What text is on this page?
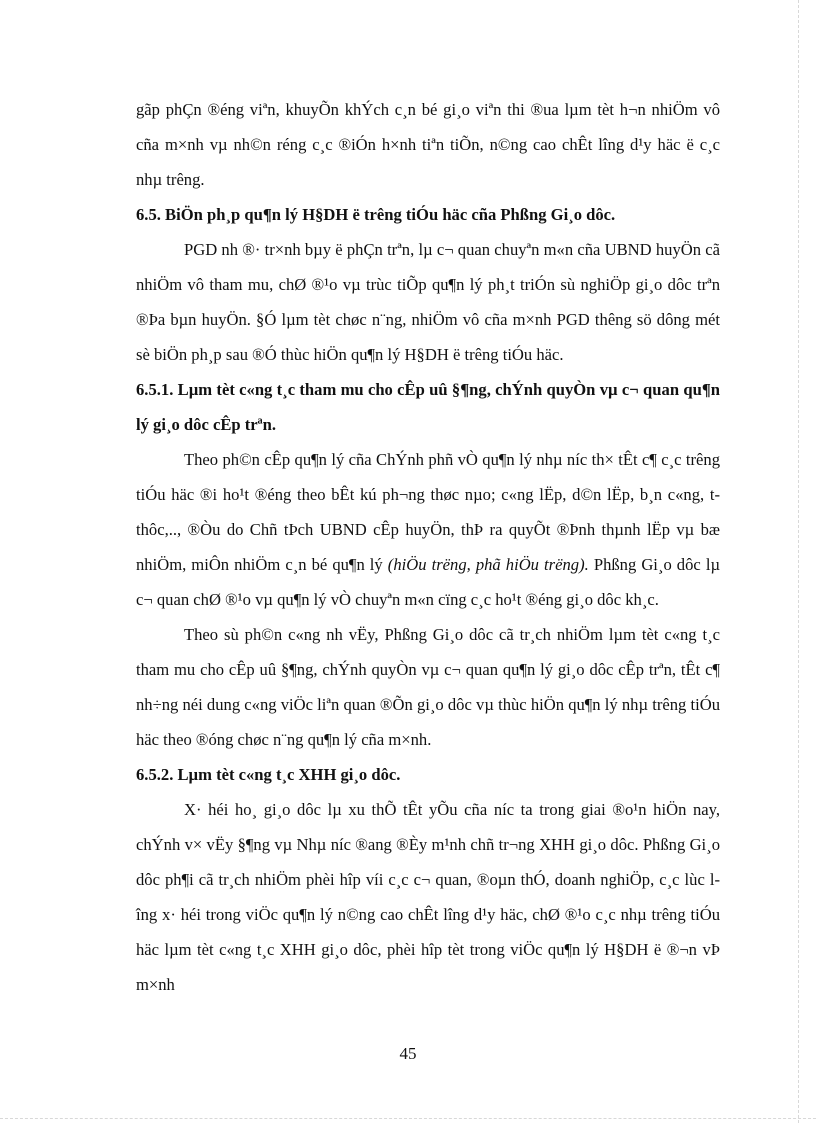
gãp phÇn ®éng viªn, khuyÕn khÝch c¸n bé gi¸o viªn thi ®ua lµm tèt h¬n nhiÖm vô cña m×nh vµ nh©n réng c¸c ®iÓn h×nh tiªn tiÕn, n©ng cao chÊt lîng d¹y häc ë c¸c nhµ trêng.

6.5. BiÖn ph¸p qu¶n lý H§DH ë trêng tiÓu häc cña Phßng Gi¸o dôc.

PGD nh ®· tr×nh bµy ë phÇn trªn, lµ c¬ quan chuyªn m«n cña UBND huyÖn cã nhiÖm vô tham mu, chØ ®¹o vµ trùc tiÕp qu¶n lý ph¸t triÓn sù nghiÖp gi¸o dôc trªn ®Þa bµn huyÖn. §Ó lµm tèt chøc n¨ng, nhiÖm vô cña m×nh PGD thêng sö dông mét sè biÖn ph¸p sau ®Ó thùc hiÖn qu¶n lý H§DH ë trêng tiÓu häc.

6.5.1. Lµm tèt c«ng t¸c tham mu cho cÊp uû §¶ng, chÝnh quyÒn vµ c¬ quan qu¶n lý gi¸o dôc cÊp trªn.

Theo ph©n cÊp qu¶n lý cña ChÝnh phñ vÒ qu¶n lý nhµ níc th× tÊt c¶ c¸c trêng tiÓu häc ®i ho¹t ®éng theo bÊt kú ph¬ng thøc nµo; c«ng lËp, d©n lËp, b¸n c«ng, t thôc,.., ®Òu do Chñ tÞch UBND cÊp huyÖn, thÞ ra quyÕt ®Þnh thµnh lËp vµ bæ nhiÖm, miÔn nhiÖm c¸n bé qu¶n lý (hiÖu trëng, phã hiÖu trëng). Phßng Gi¸o dôc lµ c¬ quan chØ ®¹o vµ qu¶n lý vÒ chuyªn m«n cïng c¸c ho¹t ®éng gi¸o dôc kh¸c.

Theo sù ph©n c«ng nh vËy, Phßng Gi¸o dôc cã tr¸ch nhiÖm lµm tèt c«ng t¸c tham mu cho cÊp uû §¶ng, chÝnh quyÒn vµ c¬ quan qu¶n lý gi¸o dôc cÊp trªn, tÊt c¶ nh÷ng néi dung c«ng viÖc liªn quan ®Õn gi¸o dôc vµ thùc hiÖn qu¶n lý nhµ trêng tiÓu häc theo ®óng chøc n¨ng qu¶n lý cña m×nh.

6.5.2. Lµm tèt c«ng t¸c XHH gi¸o dôc.

X· héi ho¸ gi¸o dôc lµ xu thÕ tÊt yÕu cña níc ta trong giai ®o¹n hiÖn nay, chÝnh v× vËy §¶ng vµ Nhµ níc ®ang ®Èy m¹nh chñ tr¬ng XHH gi¸o dôc. Phßng Gi¸o dôc ph¶i cã tr¸ch nhiÖm phèi hîp víi c¸c c¬ quan, ®oµn thÓ, doanh nghiÖp, c¸c lùc lîng x· héi trong viÖc qu¶n lý n©ng cao chÊt lîng d¹y häc, chØ ®¹o c¸c nhµ trêng tiÓu häc lµm tèt c«ng t¸c XHH gi¸o dôc, phèi hîp tèt trong viÖc qu¶n lý H§DH ë ®¬n vÞ m×nh

45
